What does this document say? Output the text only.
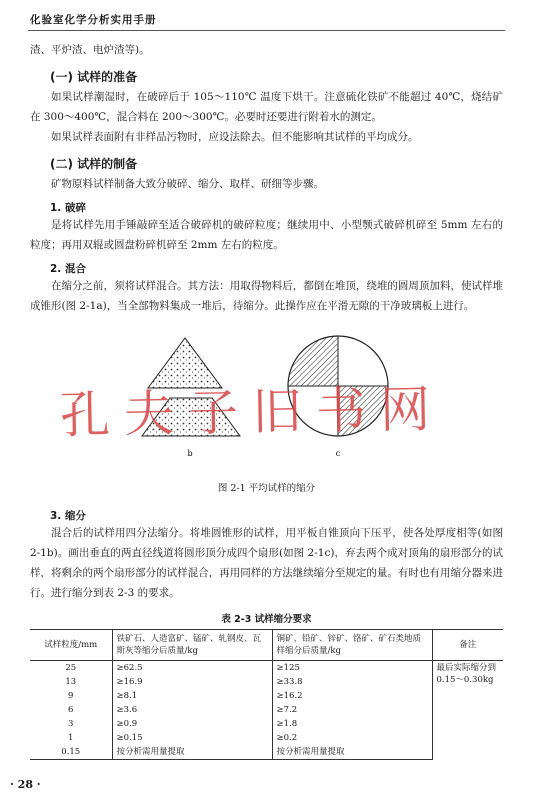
化验室化学分析实用手册

渣、平炉渣、电炉渣等)。

(一) 试样的准备

如果试样潮湿时，在破碎后于 105～110℃ 温度下烘干。注意硫化铁矿不能超过 40℃，烧结矿在 300～400℃，混合料在 200～300℃。必要时还要进行附着水的测定。

如果试样表面附有非样品污物时，应设法除去。但不能影响其试样的平均成分。

(二) 试样的制备

矿物原料试样制备大致分破碎、缩分、取样、研细等步骤。

1. 破碎

是将试样先用手锤敲碎至适合破碎机的破碎粒度；继续用中、小型颚式破碎机碎至 5mm 左右的粒度；再用双辊或圆盘粉碎机碎至 2mm 左右的粒度。

2. 混合

在缩分之前，须将试样混合。其方法：用取得物料后，都倒在堆顶，绕堆的圆周顶加料，使试样堆成锥形(图 2-1a)，当全部物料集成一堆后，待缩分。此操作应在平滑无隙的干净玻璃板上进行。

b	c
图 2-1 平均试样的缩分
3. 缩分

混合后的试样用四分法缩分。将堆圆锥形的试样，用平板自锥顶向下压平，使各处厚度相等(如图 2-1b)。画出垂直的两直径线道将圆形顶分成四个扇形(如图 2-1c)，弃去两个成对顶角的扇形部分的试样，将剩余的两个扇形部分的试样混合，再用同样的方法继续缩分至规定的量。有时也有用缩分器来进行。进行缩分到表 2-3 的要求。

表 2-3 试样缩分要求
试样粒度/mm	铁矿石、人造富矿、锰矿、轧钢皮、瓦斯灰等缩分后质量/kg	铜矿、铅矿、锌矿、铬矿、矿石类地质样缩分后质量/kg	备注
25	≥62.5	≥125	最后实际缩分到 0.15～0.30kg
13	≥16.9	≥33.8	
9	≥8.1	≥16.2	
6	≥3.6	≥7.2	
3	≥0.9	≥1.8	
1	≥0.15	≥0.2	
0.15	按分析需用量提取	按分析需用量提取	
孔夫子旧书网
· 28 ·
